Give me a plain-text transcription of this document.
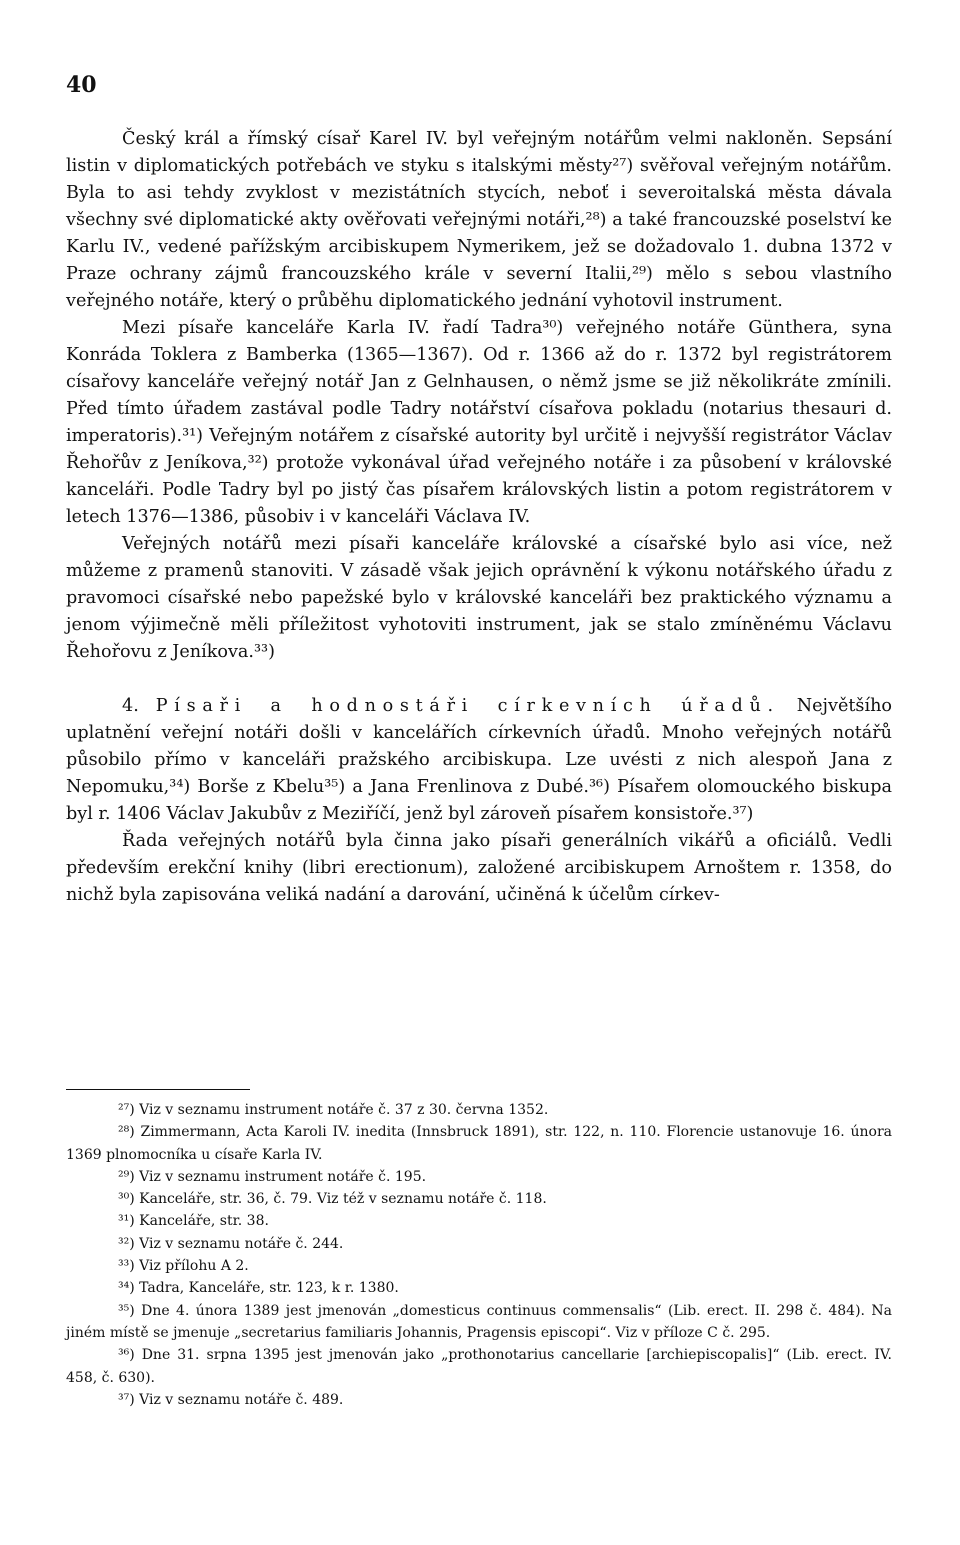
40

Český král a římský císař Karel IV. byl veřejným notářům velmi nakloněn. Sepsání listin v diplomatických potřebách ve styku s italskými městy²⁷) svěřoval veřejným notářům. Byla to asi tehdy zvyklost v mezistátních stycích, neboť i severoitalská města dávala všechny své diplomatické akty ověřovati veřejnými notáři,²⁸) a také francouzské poselství ke Karlu IV., vedené pařížským arcibiskupem Nymerikem, jež se dožadovalo 1. dubna 1372 v Praze ochrany zájmů francouzského krále v severní Italii,²⁹) mělo s sebou vlastního veřejného notáře, který o průběhu diplomatického jednání vyhotovil instrument.

Mezi písaře kanceláře Karla IV. řadí Tadra³⁰) veřejného notáře Günthera, syna Konráda Toklera z Bamberka (1365—1367). Od r. 1366 až do r. 1372 byl registrátorem císařovy kanceláře veřejný notář Jan z Gelnhausen, o němž jsme se již několikráte zmínili. Před tímto úřadem zastával podle Tadry notářství císařova pokladu (notarius thesauri d. imperatoris).³¹) Veřejným notářem z císařské autority byl určitě i nejvyšší registrátor Václav Řehořův z Jeníkova,³²) protože vykonával úřad veřejného notáře i za působení v královské kanceláři. Podle Tadry byl po jistý čas písařem královských listin a potom registrátorem v letech 1376—1386, působiv i v kanceláři Václava IV.

Veřejných notářů mezi písaři kanceláře královské a císařské bylo asi více, než můžeme z pramenů stanoviti. V zásadě však jejich oprávnění k výkonu notářského úřadu z pravomoci císařské nebo papežské bylo v královské kanceláři bez praktického významu a jenom výjimečně měli příležitost vyhotoviti instrument, jak se stalo zmíněnému Václavu Řehořovu z Jeníkova.³³)

4. Písaři a hodnostáři církevních úřadů. Největšího uplatnění veřejní notáři došli v kancelářích církevních úřadů. Mnoho veřejných notářů působilo přímo v kanceláři pražského arcibiskupa. Lze uvésti z nich alespoň Jana z Nepomuku,³⁴) Borše z Kbelu³⁵) a Jana Frenlinova z Dubé.³⁶) Písařem olomouckého biskupa byl r. 1406 Václav Jakubův z Meziříčí, jenž byl zároveň písařem konsistoře.³⁷)

Řada veřejných notářů byla činna jako písaři generálních vikářů a oficiálů. Vedli především erekční knihy (libri erectionum), založené arcibiskupem Arnoštem r. 1358, do nichž byla zapisována veliká nadání a darování, učiněná k účelům církev-

²⁷) Viz v seznamu instrument notáře č. 37 z 30. června 1352.

²⁸) Zimmermann, Acta Karoli IV. inedita (Innsbruck 1891), str. 122, n. 110. Florencie ustanovuje 16. února 1369 plnomocníka u císaře Karla IV.

²⁹) Viz v seznamu instrument notáře č. 195.

³⁰) Kanceláře, str. 36, č. 79. Viz též v seznamu notáře č. 118.

³¹) Kanceláře, str. 38.

³²) Viz v seznamu notáře č. 244.

³³) Viz přílohu A 2.

³⁴) Tadra, Kanceláře, str. 123, k r. 1380.

³⁵) Dne 4. února 1389 jest jmenován „domesticus continuus commensalis“ (Lib. erect. II. 298 č. 484). Na jiném místě se jmenuje „secretarius familiaris Johannis, Pragensis episcopi“. Viz v příloze C č. 295.

³⁶) Dne 31. srpna 1395 jest jmenován jako „prothonotarius cancellarie [archiepiscopalis]“ (Lib. erect. IV. 458, č. 630).

³⁷) Viz v seznamu notáře č. 489.
